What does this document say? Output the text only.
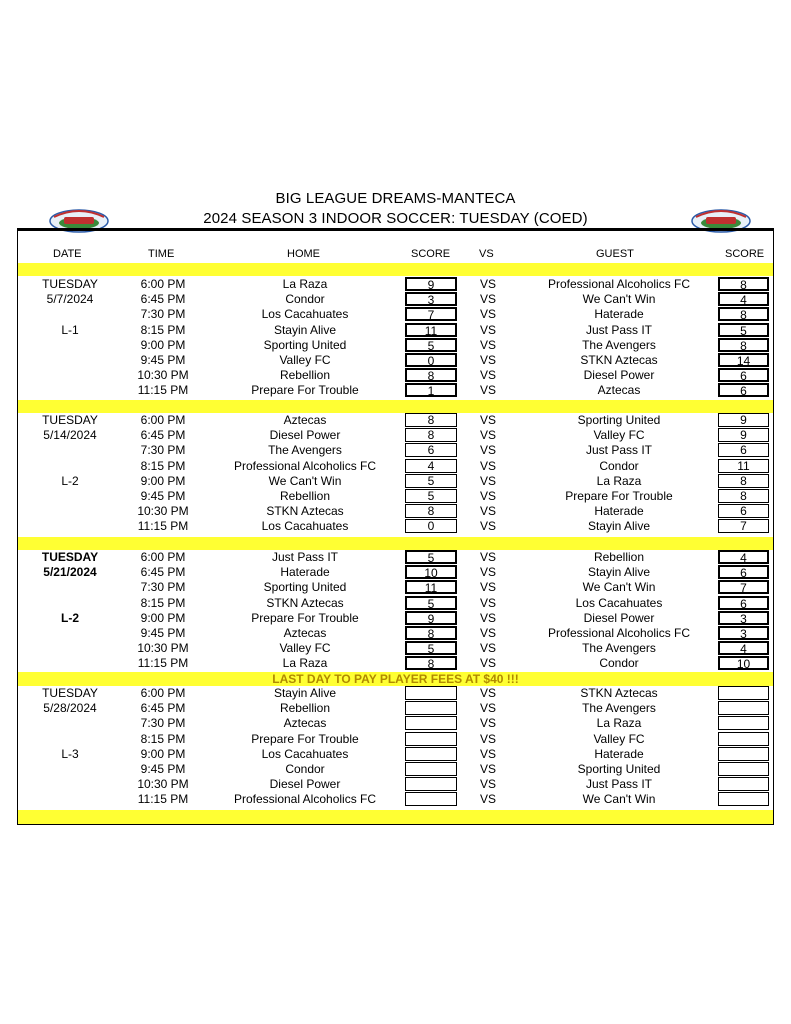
BIG LEAGUE DREAMS-MANTECA
2024 SEASON 3 INDOOR SOCCER: TUESDAY (COED)
DATE	TIME	HOME	SCORE	VS	GUEST	SCORE
LAST DAY TO PAY PLAYER FEES AT $40 !!!
TUESDAY
5/7/2024
L-1
6:00 PM	La Raza	9	VS	Professional Alcoholics FC	8
6:45 PM	Condor	3	VS	We Can't Win	4
7:30 PM	Los Cacahuates	7	VS	Haterade	8
8:15 PM	Stayin Alive	11	VS	Just Pass IT	5
9:00 PM	Sporting United	5	VS	The Avengers	8
9:45 PM	Valley FC	0	VS	STKN Aztecas	14
10:30 PM	Rebellion	8	VS	Diesel Power	6
11:15 PM	Prepare For Trouble	1	VS	Aztecas	6
TUESDAY
5/14/2024
L-2
6:00 PM	Aztecas	8	VS	Sporting United	9
6:45 PM	Diesel Power	8	VS	Valley FC	9
7:30 PM	The Avengers	6	VS	Just Pass IT	6
8:15 PM	Professional Alcoholics FC	4	VS	Condor	11
9:00 PM	We Can't Win	5	VS	La Raza	8
9:45 PM	Rebellion	5	VS	Prepare For Trouble	8
10:30 PM	STKN Aztecas	8	VS	Haterade	6
11:15 PM	Los Cacahuates	0	VS	Stayin Alive	7
TUESDAY
5/21/2024
L-2
6:00 PM	Just Pass IT	5	VS	Rebellion	4
6:45 PM	Haterade	10	VS	Stayin Alive	6
7:30 PM	Sporting United	11	VS	We Can't Win	7
8:15 PM	STKN Aztecas	5	VS	Los Cacahuates	6
9:00 PM	Prepare For Trouble	9	VS	Diesel Power	3
9:45 PM	Aztecas	8	VS	Professional Alcoholics FC	3
10:30 PM	Valley FC	5	VS	The Avengers	4
11:15 PM	La Raza	8	VS	Condor	10
TUESDAY
5/28/2024
L-3
6:00 PM	Stayin Alive	VS	STKN Aztecas
6:45 PM	Rebellion	VS	The Avengers
7:30 PM	Aztecas	VS	La Raza
8:15 PM	Prepare For Trouble	VS	Valley FC
9:00 PM	Los Cacahuates	VS	Haterade
9:45 PM	Condor	VS	Sporting United
10:30 PM	Diesel Power	VS	Just Pass IT
11:15 PM	Professional Alcoholics FC	VS	We Can't Win
